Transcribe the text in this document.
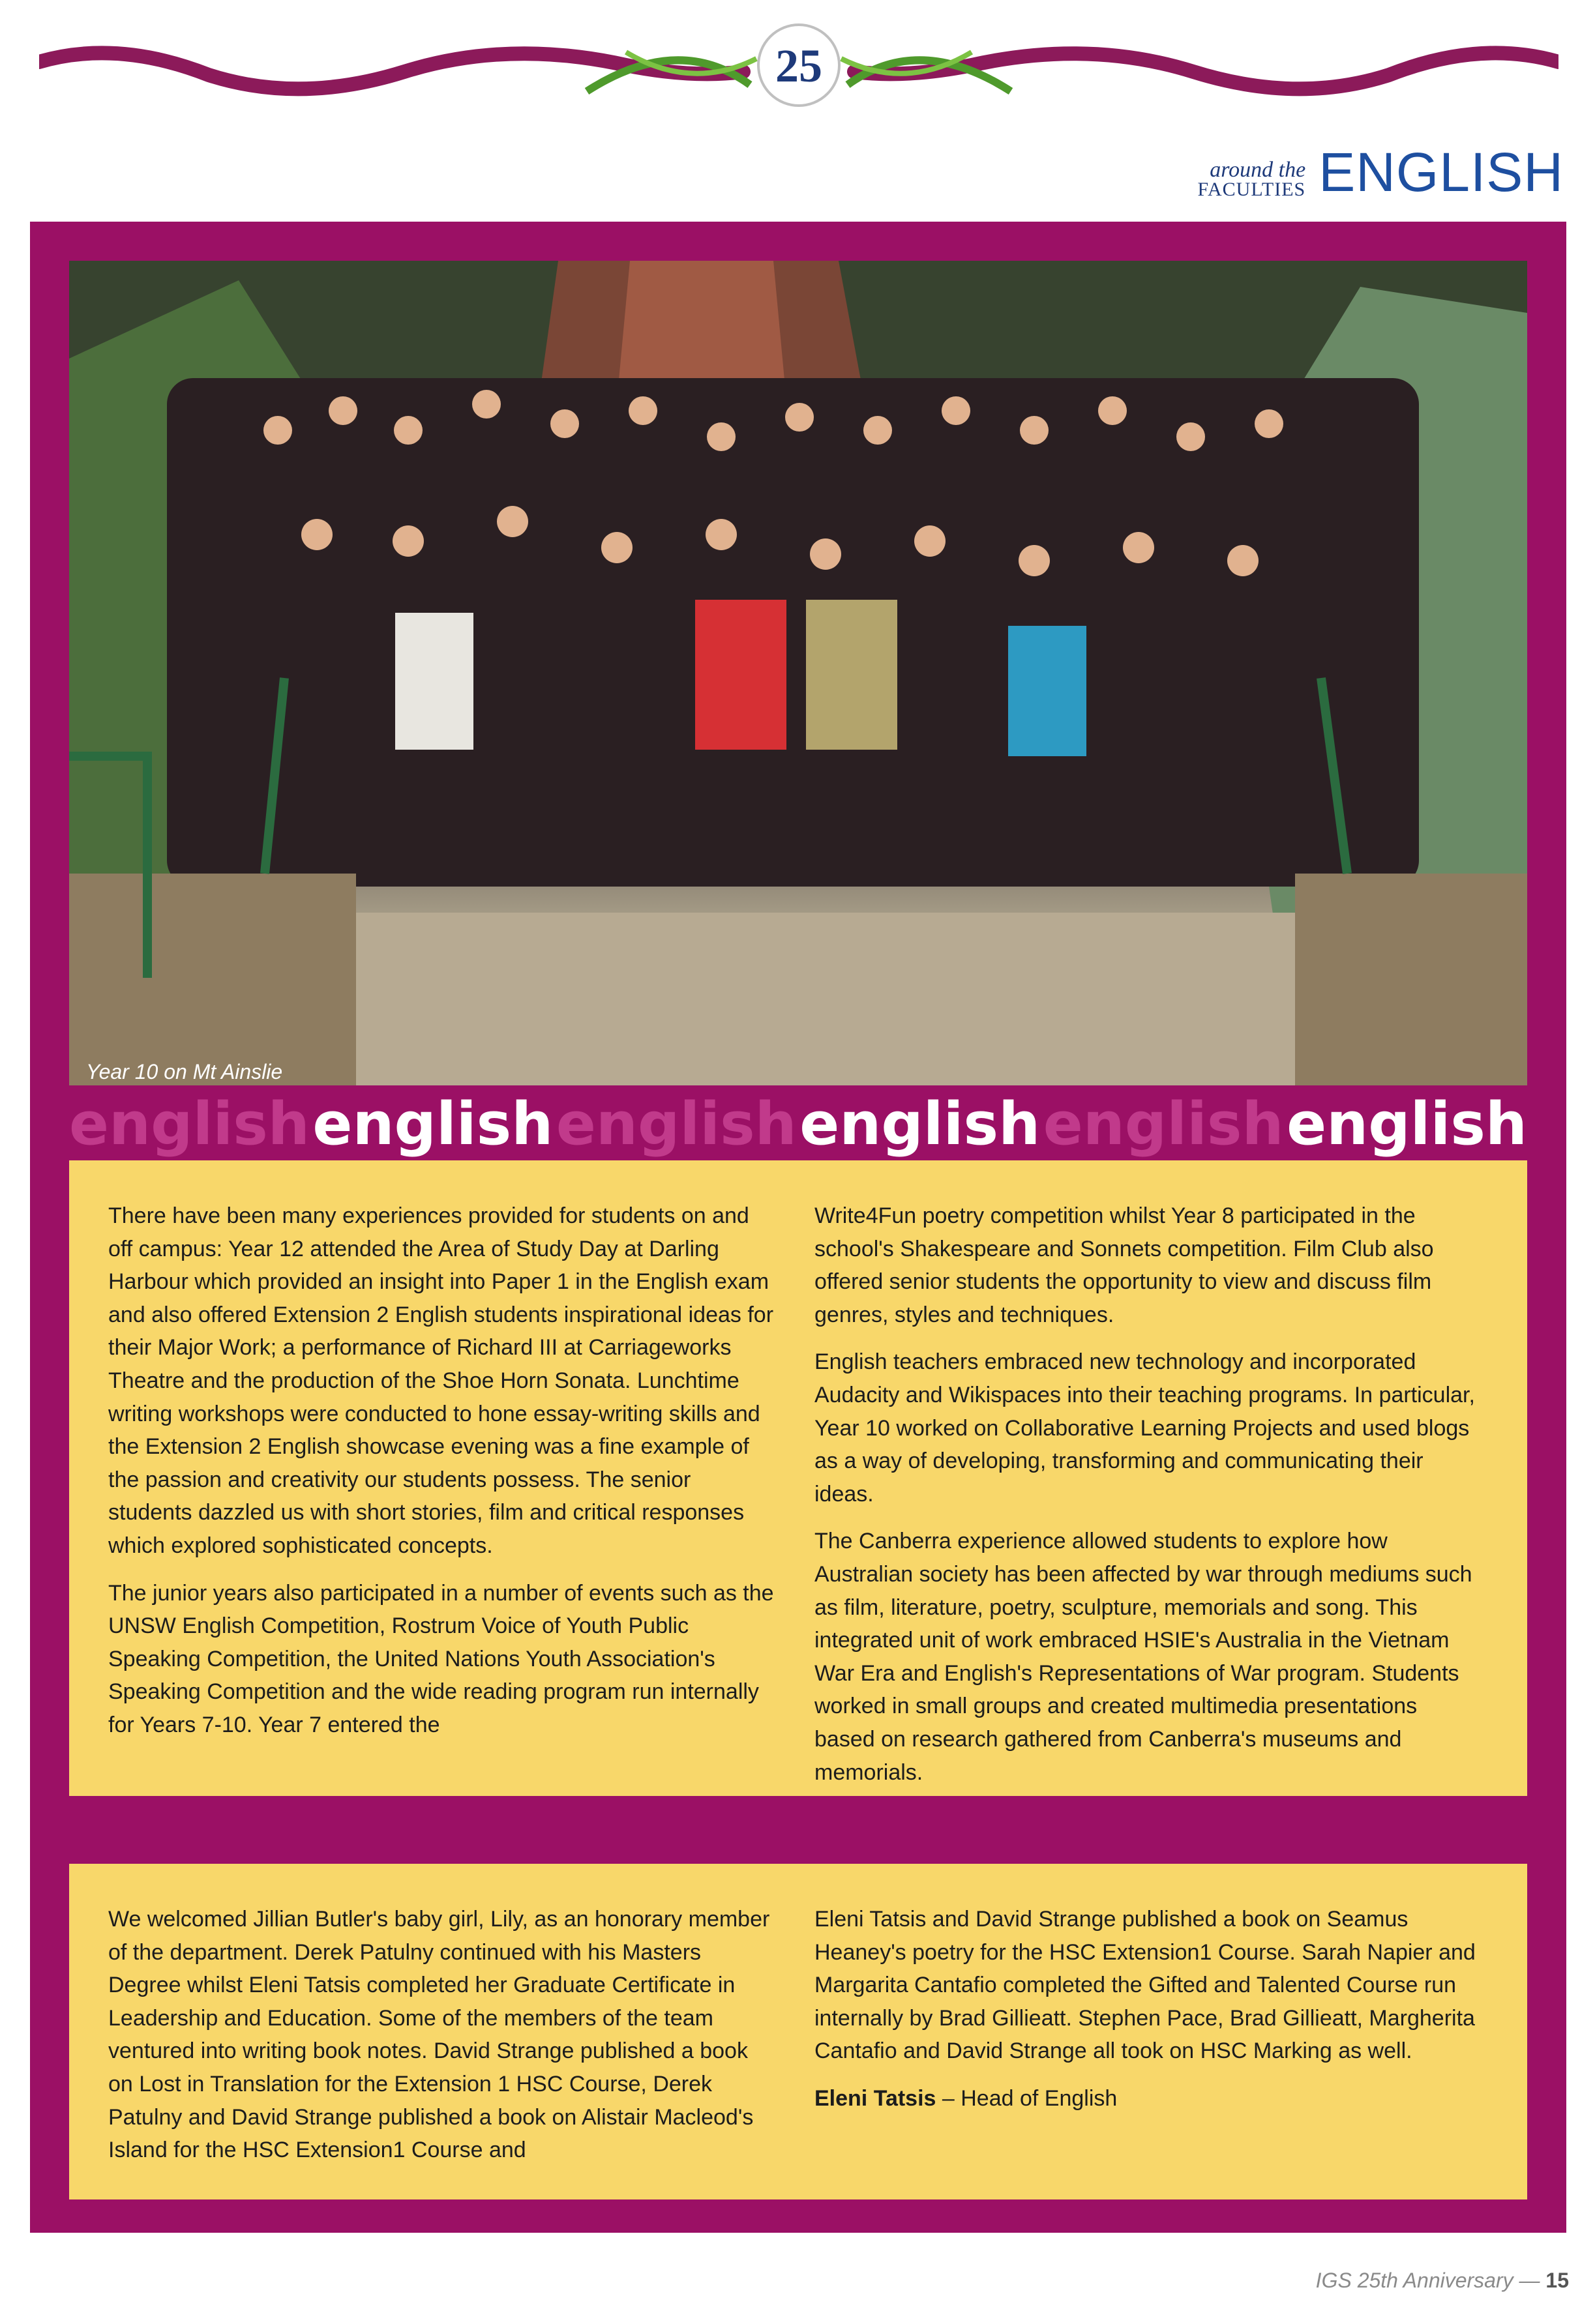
25
around the
FACULTIES ENGLISH
Year 10 on Mt Ainslie
english english english english english english

There have been many experiences provided for students on and off campus: Year 12 attended the Area of Study Day at Darling Harbour which provided an insight into Paper 1 in the English exam and also offered Extension 2 English students inspirational ideas for their Major Work; a performance of Richard III at Carriageworks Theatre and the production of the Shoe Horn Sonata. Lunchtime writing workshops were conducted to hone essay-writing skills and the Extension 2 English showcase evening was a fine example of the passion and creativity our students possess. The senior students dazzled us with short stories, film and critical responses which explored sophisticated concepts.

The junior years also participated in a number of events such as the UNSW English Competition, Rostrum Voice of Youth Public Speaking Competition, the United Nations Youth Association's Speaking Competition and the wide reading program run internally for Years 7-10. Year 7 entered the

Write4Fun poetry competition whilst Year 8 participated in the school's Shakespeare and Sonnets competition. Film Club also offered senior students the opportunity to view and discuss film genres, styles and techniques.

English teachers embraced new technology and incorporated Audacity and Wikispaces into their teaching programs. In particular, Year 10 worked on Collaborative Learning Projects and used blogs as a way of developing, transforming and communicating their ideas.

The Canberra experience allowed students to explore how Australian society has been affected by war through mediums such as film, literature, poetry, sculpture, memorials and song. This integrated unit of work embraced HSIE's Australia in the Vietnam War Era and English's Representations of War program. Students worked in small groups and created multimedia presentations based on research gathered from Canberra's museums and memorials.

We welcomed Jillian Butler's baby girl, Lily, as an honorary member of the department. Derek Patulny continued with his Masters Degree whilst Eleni Tatsis completed her Graduate Certificate in Leadership and Education. Some of the members of the team ventured into writing book notes. David Strange published a book on Lost in Translation for the Extension 1 HSC Course, Derek Patulny and David Strange published a book on Alistair Macleod's Island for the HSC Extension1 Course and

Eleni Tatsis and David Strange published a book on Seamus Heaney's poetry for the HSC Extension1 Course. Sarah Napier and Margarita Cantafio completed the Gifted and Talented Course run internally by Brad Gillieatt. Stephen Pace, Brad Gillieatt, Margherita Cantafio and David Strange all took on HSC Marking as well.

Eleni Tatsis – Head of English

IGS 25th Anniversary — 15
